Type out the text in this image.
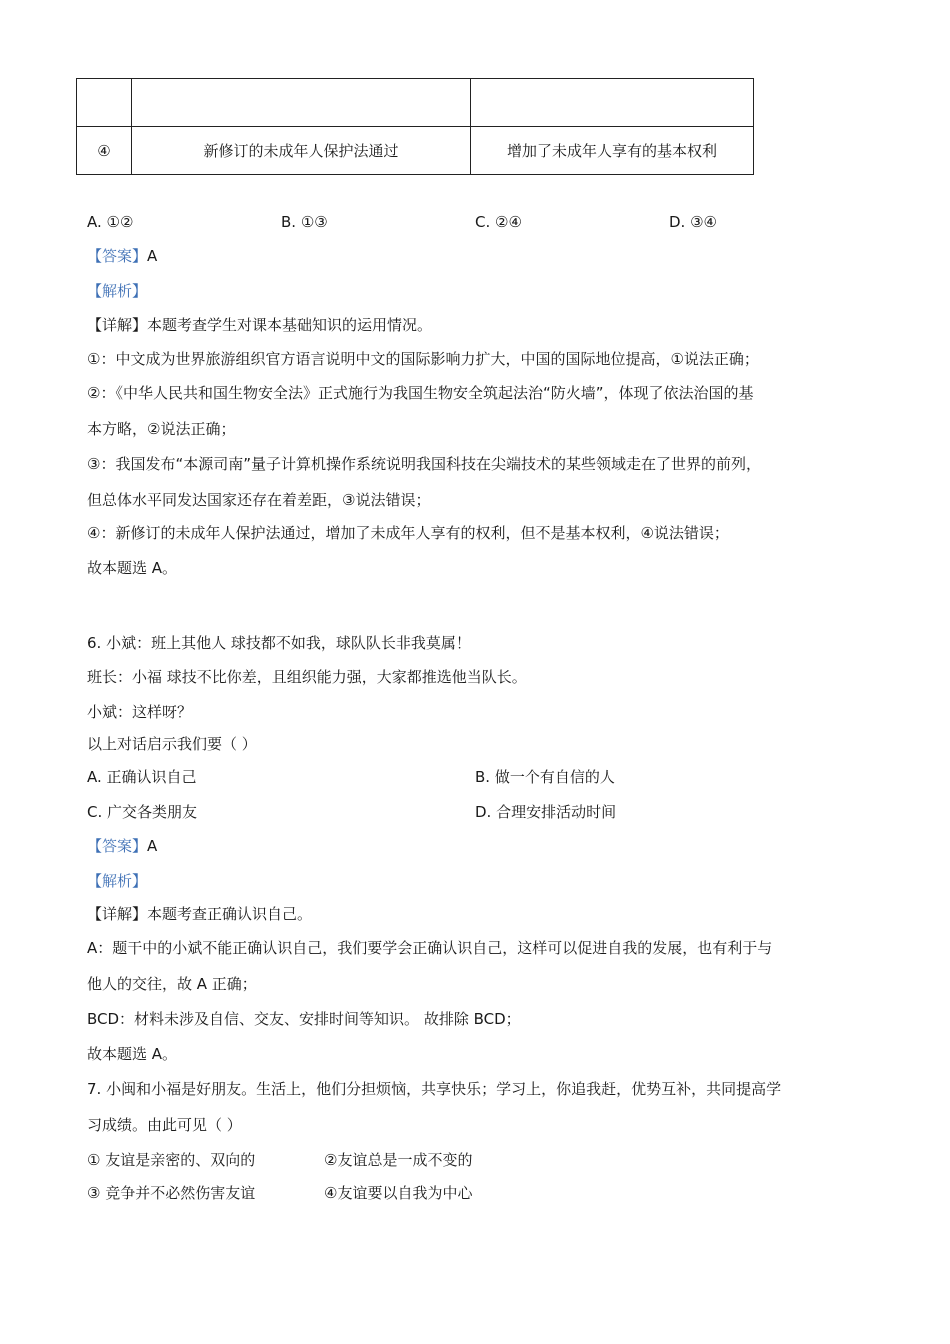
④	新修订的未成年人保护法通过	增加了未成年人享有的基本权利
A. ①②	B. ①③	C. ②④	D. ③④
【答案】A
【解析】
【详解】本题考查学生对课本基础知识的运用情况。
①：中文成为世界旅游组织官方语言说明中文的国际影响力扩大，中国的国际地位提高，①说法正确；
②：《中华人民共和国生物安全法》正式施行为我国生物安全筑起法治“防火墙”，体现了依法治国的基
本方略，②说法正确；
③：我国发布“本源司南”量子计算机操作系统说明我国科技在尖端技术的某些领域走在了世界的前列，
但总体水平同发达国家还存在着差距，③说法错误；
④：新修订的未成年人保护法通过，增加了未成年人享有的权利，但不是基本权利，④说法错误；
故本题选 A。
6. 小斌：班上其他人 球技都不如我，球队队长非我莫属！
班长：小福 球技不比你差，且组织能力强，大家都推选他当队长。
小斌：这样呀？
以上对话启示我们要（ ）
A. 正确认识自己	B. 做一个有自信的人
C. 广交各类朋友	D. 合理安排活动时间
【答案】A
【解析】
【详解】本题考查正确认识自己。
A：题干中的小斌不能正确认识自己，我们要学会正确认识自己，这样可以促进自我的发展，也有利于与
他人的交往，故 A 正确；
BCD：材料未涉及自信、交友、安排时间等知识。 故排除 BCD；
故本题选 A。
7. 小闽和小福是好朋友。生活上，他们分担烦恼，共享快乐；学习上，你追我赶，优势互补，共同提高学
习成绩。由此可见（ ）
① 友谊是亲密的、双向的	②友谊总是一成不变的
③ 竞争并不必然伤害友谊	④友谊要以自我为中心
